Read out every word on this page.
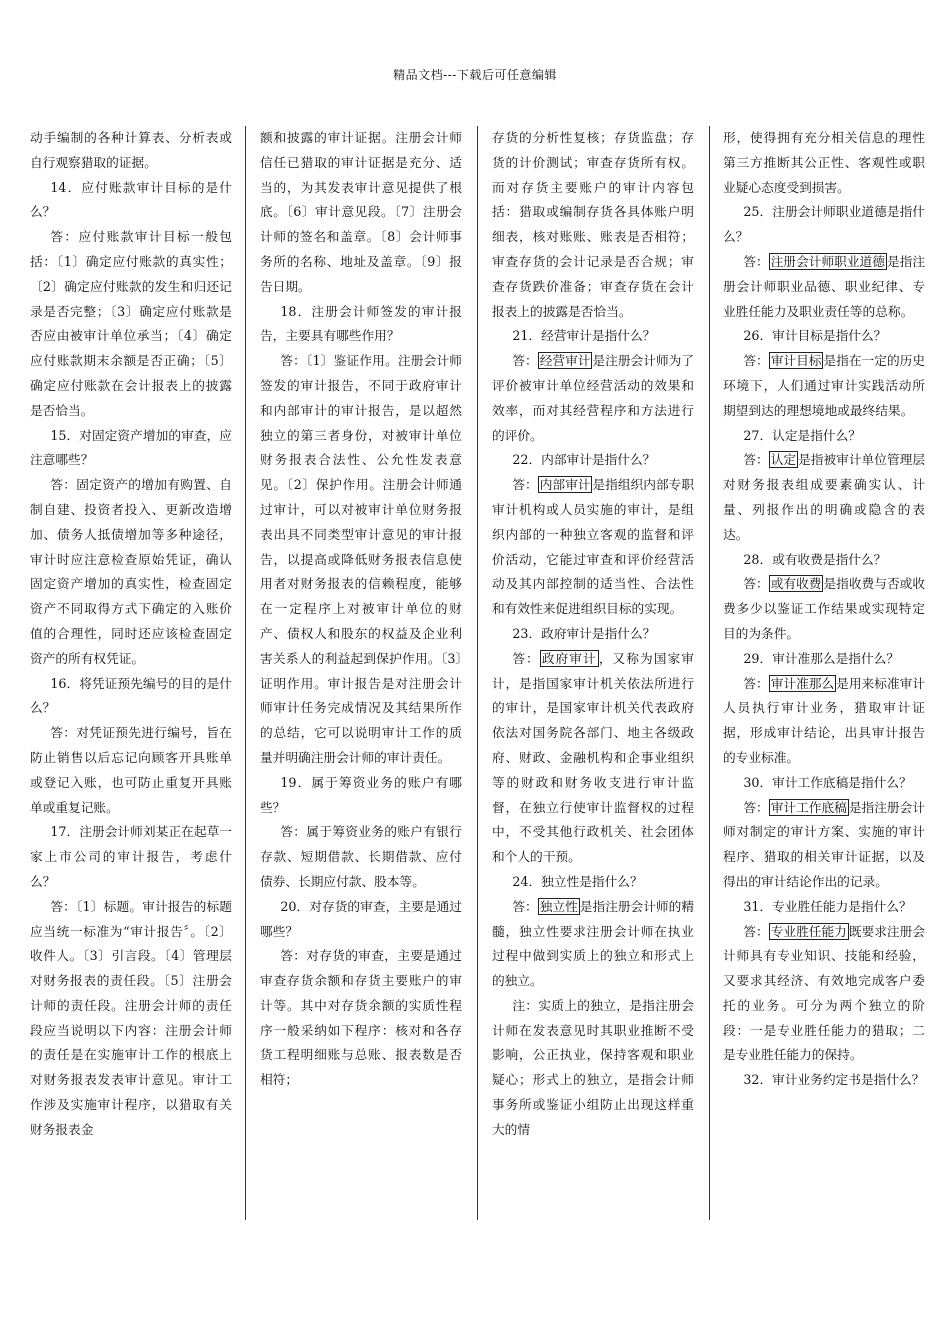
精品文档---下载后可任意编辑

动手编制的各种计算表、分析表或自行观察猎取的证据。

14．应付账款审计目标的是什么？

答：应付账款审计目标一般包括：〔1〕确定应付账款的真实性；〔2〕确定应付账款的发生和归还记录是否完整；〔3〕确定应付账款是否应由被审计单位承当；〔4〕确定应付账款期末余额是否正确；〔5〕确定应付账款在会计报表上的披露是否恰当。

15．对固定资产增加的审查，应注意哪些？

答：固定资产的增加有购置、自制自建、投资者投入、更新改造增加、债务人抵债增加等多种途径，审计时应注意检查原始凭证，确认固定资产增加的真实性，检查固定资产不同取得方式下确定的入账价值的合理性，同时还应该检查固定资产的所有权凭证。

16．将凭证预先编号的目的是什么？

答：对凭证预先进行编号，旨在防止销售以后忘记向顾客开具账单或登记入账，也可防止重复开具账单或重复记账。

17．注册会计师刘某正在起草一家上市公司的审计报告，考虑什么？

答：〔1〕标题。审计报告的标题应当统一标准为“审计报告〞。〔2〕收件人。〔3〕引言段。〔4〕管理层对财务报表的责任段。〔5〕注册会计师的责任段。注册会计师的责任段应当说明以下内容：注册会计师的责任是在实施审计工作的根底上对财务报表发表审计意见。审计工作涉及实施审计程序，以猎取有关财务报表金

额和披露的审计证据。注册会计师信任已猎取的审计证据是充分、适当的，为其发表审计意见提供了根底。〔6〕审计意见段。〔7〕注册会计师的签名和盖章。〔8〕会计师事务所的名称、地址及盖章。〔9〕报告日期。

18．注册会计师签发的审计报告，主要具有哪些作用？

答：〔1〕鉴证作用。注册会计师签发的审计报告，不同于政府审计和内部审计的审计报告，是以超然独立的第三者身份，对被审计单位财务报表合法性、公允性发表意见。〔2〕保护作用。注册会计师通过审计，可以对被审计单位财务报表出具不同类型审计意见的审计报告，以提高或降低财务报表信息使用者对财务报表的信赖程度，能够在一定程序上对被审计单位的财产、债权人和股东的权益及企业利害关系人的利益起到保护作用。〔3〕证明作用。审计报告是对注册会计师审计任务完成情况及其结果所作的总结，它可以说明审计工作的质量并明确注册会计师的审计责任。

19．属于筹资业务的账户有哪些？

答：属于筹资业务的账户有银行存款、短期借款、长期借款、应付债券、长期应付款、股本等。

20．对存货的审查，主要是通过哪些？

答：对存货的审查，主要是通过审查存货余额和存货主要账户的审计等。其中对存货余额的实质性程序一般采纳如下程序：核对和各存货工程明细账与总账、报表数是否相符；

存货的分析性复核；存货监盘；存货的计价测试；审查存货所有权。而对存货主要账户的审计内容包括：猎取或编制存货各具体账户明细表，核对账账、账表是否相符；审查存货的会计记录是否合规；审查存货跌价准备；审查存货在会计报表上的披露是否恰当。

21．经营审计是指什么？

答： 经营审计 是注册会计师为了评价被审计单位经营活动的效果和效率，而对其经营程序和方法进行的评价。

22．内部审计是指什么？

答： 内部审计 是指组织内部专职审计机构或人员实施的审计，是组织内部的一种独立客观的监督和评价活动，它能过审查和评价经营活动及其内部控制的适当性、合法性和有效性来促进组织目标的实现。

23．政府审计是指什么？

答： 政府审计 ，又称为国家审计，是指国家审计机关依法所进行的审计，是国家审计机关代表政府依法对国务院各部门、地主各级政府、财政、金融机构和企事业组织等的财政和财务收支进行审计监督，在独立行使审计监督权的过程中，不受其他行政机关、社会团体和个人的干预。

24．独立性是指什么？

答： 独立性 是指注册会计师的精髓，独立性要求注册会计师在执业过程中做到实质上的独立和形式上的独立。

注：实质上的独立，是指注册会计师在发表意见时其职业推断不受影响，公正执业，保持客观和职业疑心；形式上的独立，是指会计师事务所或鉴证小组防止出现这样重大的情

形，使得拥有充分相关信息的理性第三方推断其公正性、客观性或职业疑心态度受到损害。

25．注册会计师职业道德是指什么？

答： 注册会计师职业道德 是指注册会计师职业品德、职业纪律、专业胜任能力及职业责任等的总称。

26．审计目标是指什么？

答： 审计目标 是指在一定的历史环境下，人们通过审计实践活动所期望到达的理想境地或最终结果。

27．认定是指什么？

答： 认定 是指被审计单位管理层对财务报表组成要素确实认、计量、列报作出的明确或隐含的表达。

28．或有收费是指什么？

答： 或有收费 是指收费与否或收费多少以鉴证工作结果或实现特定目的为条件。

29．审计准那么是指什么？

答： 审计准那么 是用来标准审计人员执行审计业务，猎取审计证据，形成审计结论，出具审计报告的专业标准。

30．审计工作底稿是指什么？

答： 审计工作底稿 是指注册会计师对制定的审计方案、实施的审计程序、猎取的相关审计证据，以及得出的审计结论作出的记录。

31．专业胜任能力是指什么？

答： 专业胜任能力 既要求注册会计师具有专业知识、技能和经验，又要求其经济、有效地完成客户委托的业务。可分为两个独立的阶段：一是专业胜任能力的猎取；二是专业胜任能力的保持。

32．审计业务约定书是指什么？
